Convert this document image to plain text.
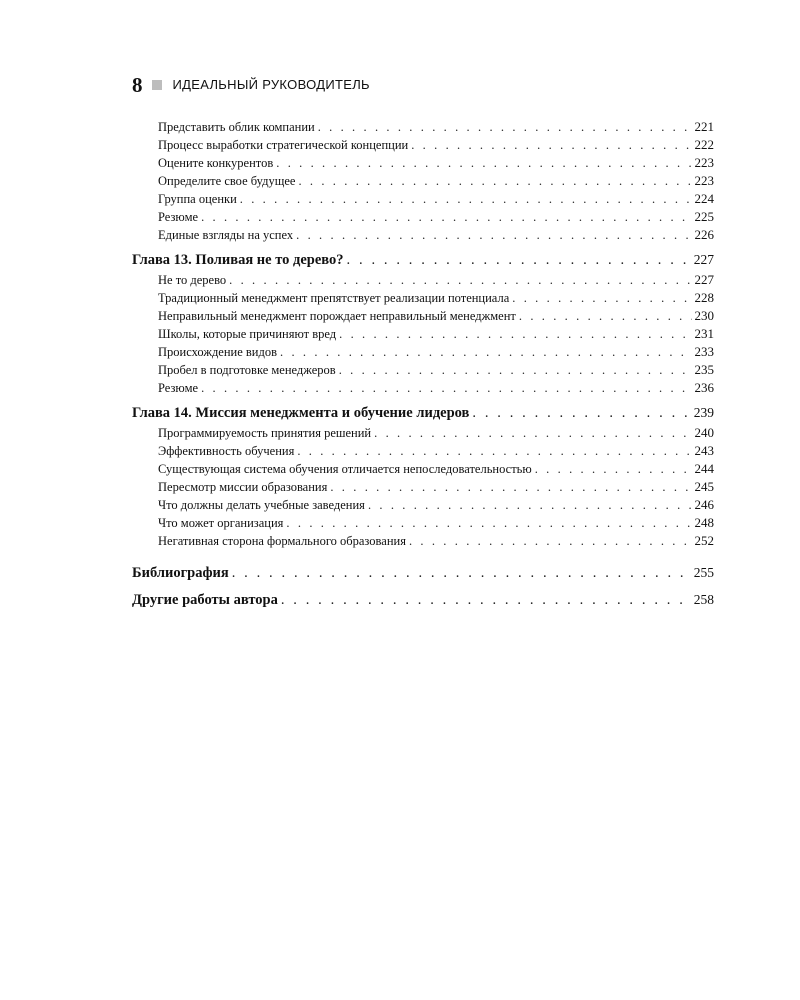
8 ИДЕАЛЬНЫЙ РУКОВОДИТЕЛЬ
Представить облик компании . . .	221
Процесс выработки стратегической концепции . . .	222
Оцените конкурентов . . .	223
Определите свое будущее . . .	223
Группа оценки . . .	224
Резюме . . .	225
Единые взгляды на успех . . .	226
Глава 13. Поливая не то дерево? . . .	227
Не то дерево . . .	227
Традиционный менеджмент препятствует реализации потенциала . . .	228
Неправильный менеджмент порождает неправильный менеджмент . . .	230
Школы, которые причиняют вред . . .	231
Происхождение видов . . .	233
Пробел в подготовке менеджеров . . .	235
Резюме . . .	236
Глава 14. Миссия менеджмента и обучение лидеров . . .	239
Программируемость принятия решений . . .	240
Эффективность обучения . . .	243
Существующая система обучения отличается непоследовательностью . . .	244
Пересмотр миссии образования . . .	245
Что должны делать учебные заведения . . .	246
Что может организация . . .	248
Негативная сторона формального образования . . .	252
Библиография . . .	255
Другие работы автора . . .	258
